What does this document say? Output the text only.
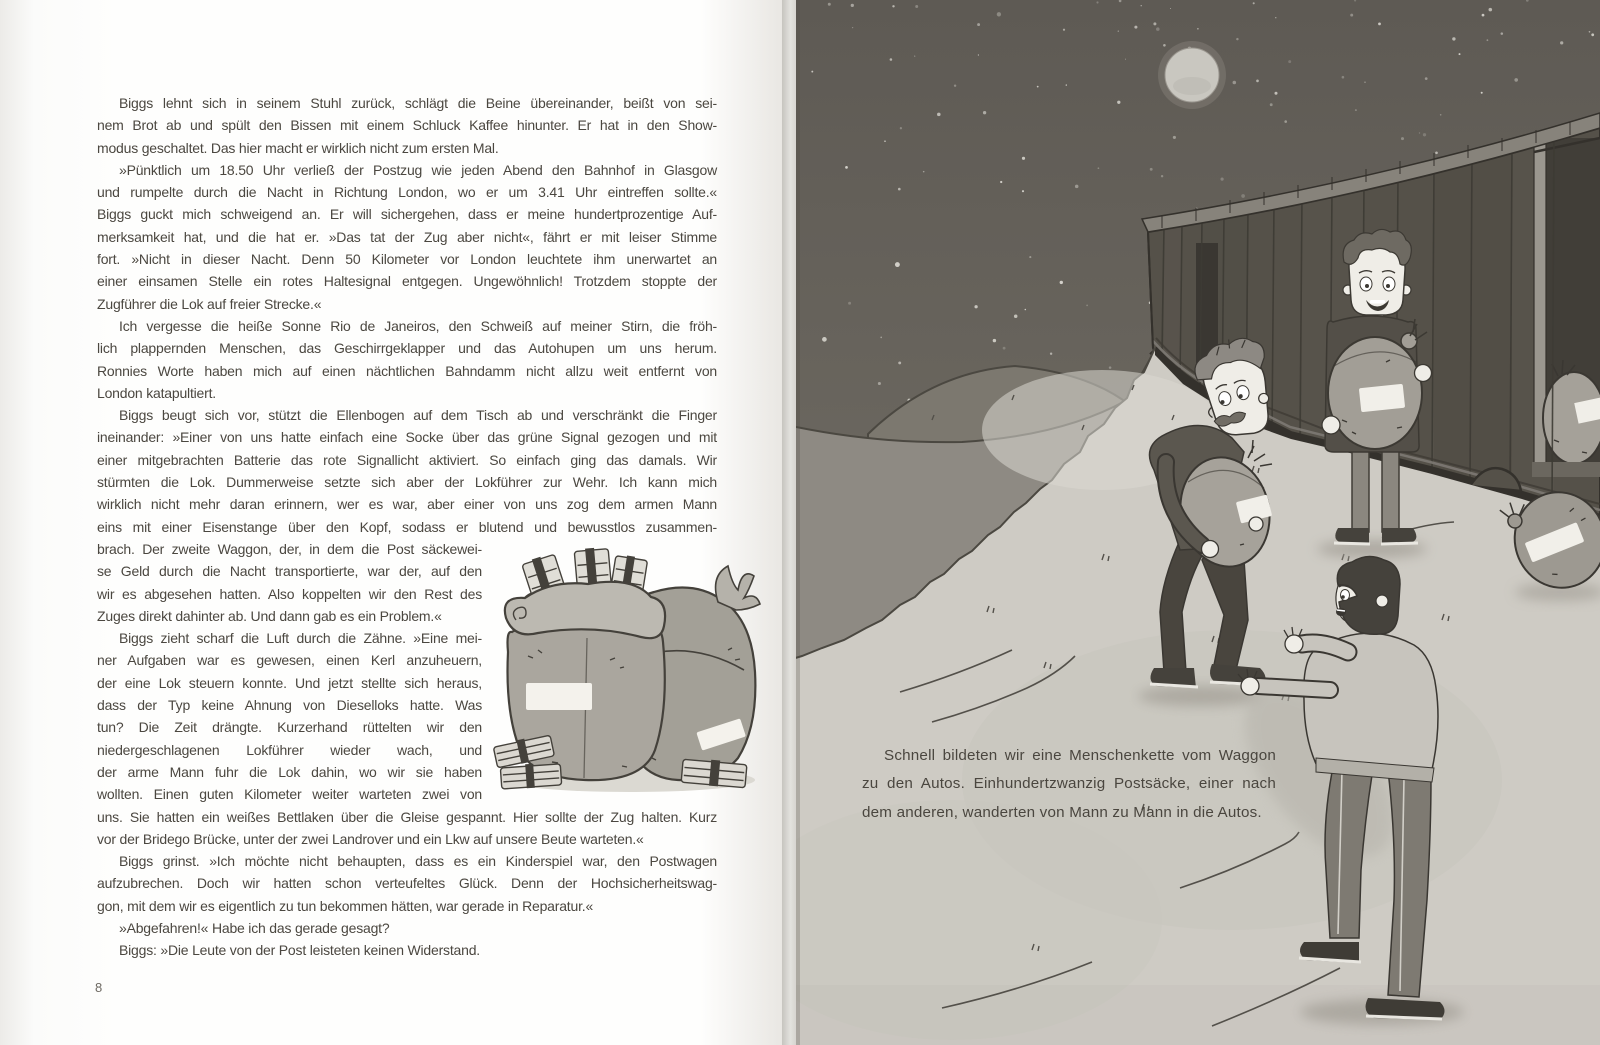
Biggs lehnt sich in seinem Stuhl zurück, schlägt die Beine übereinander, beißt von sei-
nem Brot ab und spült den Bissen mit einem Schluck Kaffee hinunter. Er hat in den Show-
modus geschaltet. Das hier macht er wirklich nicht zum ersten Mal.
»Pünktlich um 18.50 Uhr verließ der Postzug wie jeden Abend den Bahnhof in Glasgow
und rumpelte durch die Nacht in Richtung London, wo er um 3.41 Uhr eintreffen sollte.«
Biggs guckt mich schweigend an. Er will sichergehen, dass er meine hundertprozentige Auf-
merksamkeit hat, und die hat er. »Das tat der Zug aber nicht«, fährt er mit leiser Stimme
fort. »Nicht in dieser Nacht. Denn 50 Kilometer vor London leuchtete ihm unerwartet an
einer einsamen Stelle ein rotes Haltesignal entgegen. Ungewöhnlich! Trotzdem stoppte der
Zugführer die Lok auf freier Strecke.«
Ich vergesse die heiße Sonne Rio de Janeiros, den Schweiß auf meiner Stirn, die fröh-
lich plappernden Menschen, das Geschirrgeklapper und das Autohupen um uns herum.
Ronnies Worte haben mich auf einen nächtlichen Bahndamm nicht allzu weit entfernt von
London katapultiert.
Biggs beugt sich vor, stützt die Ellenbogen auf dem Tisch ab und verschränkt die Finger
ineinander: »Einer von uns hatte einfach eine Socke über das grüne Signal gezogen und mit
einer mitgebrachten Batterie das rote Signallicht aktiviert. So einfach ging das damals. Wir
stürmten die Lok. Dummerweise setzte sich aber der Lokführer zur Wehr. Ich kann mich
wirklich nicht mehr daran erinnern, wer es war, aber einer von uns zog dem armen Mann
eins mit einer Eisenstange über den Kopf, sodass er blutend und bewusstlos zusammen-
brach. Der zweite Waggon, der, in dem die Post säckewei-
se Geld durch die Nacht transportierte, war der, auf den
wir es abgesehen hatten. Also koppelten wir den Rest des
Zuges direkt dahinter ab. Und dann gab es ein Problem.«
Biggs zieht scharf die Luft durch die Zähne. »Eine mei-
ner Aufgaben war es gewesen, einen Kerl anzuheuern,
der eine Lok steuern konnte. Und jetzt stellte sich heraus,
dass der Typ keine Ahnung von Dieselloks hatte. Was
tun? Die Zeit drängte. Kurzerhand rüttelten wir den
niedergeschlagenen Lokführer wieder wach, und
der arme Mann fuhr die Lok dahin, wo wir sie haben
wollten. Einen guten Kilometer weiter warteten zwei von
uns. Sie hatten ein weißes Bettlaken über die Gleise gespannt. Hier sollte der Zug halten. Kurz
vor der Bridego Brücke, unter der zwei Landrover und ein Lkw auf unsere Beute warteten.«
Biggs grinst. »Ich möchte nicht behaupten, dass es ein Kinderspiel war, den Postwagen
aufzubrechen. Doch wir hatten schon verteufeltes Glück. Denn der Hochsicherheitswag-
gon, mit dem wir es eigentlich zu tun bekommen hätten, war gerade in Reparatur.«
»Abgefahren!« Habe ich das gerade gesagt?
Biggs: »Die Leute von der Post leisteten keinen Widerstand.
8
Schnell bildeten wir eine Menschenkette vom Waggon
zu den Autos. Einhundertzwanzig Postsäcke, einer nach
dem anderen, wanderten von Mann zu Mann in die Autos.
